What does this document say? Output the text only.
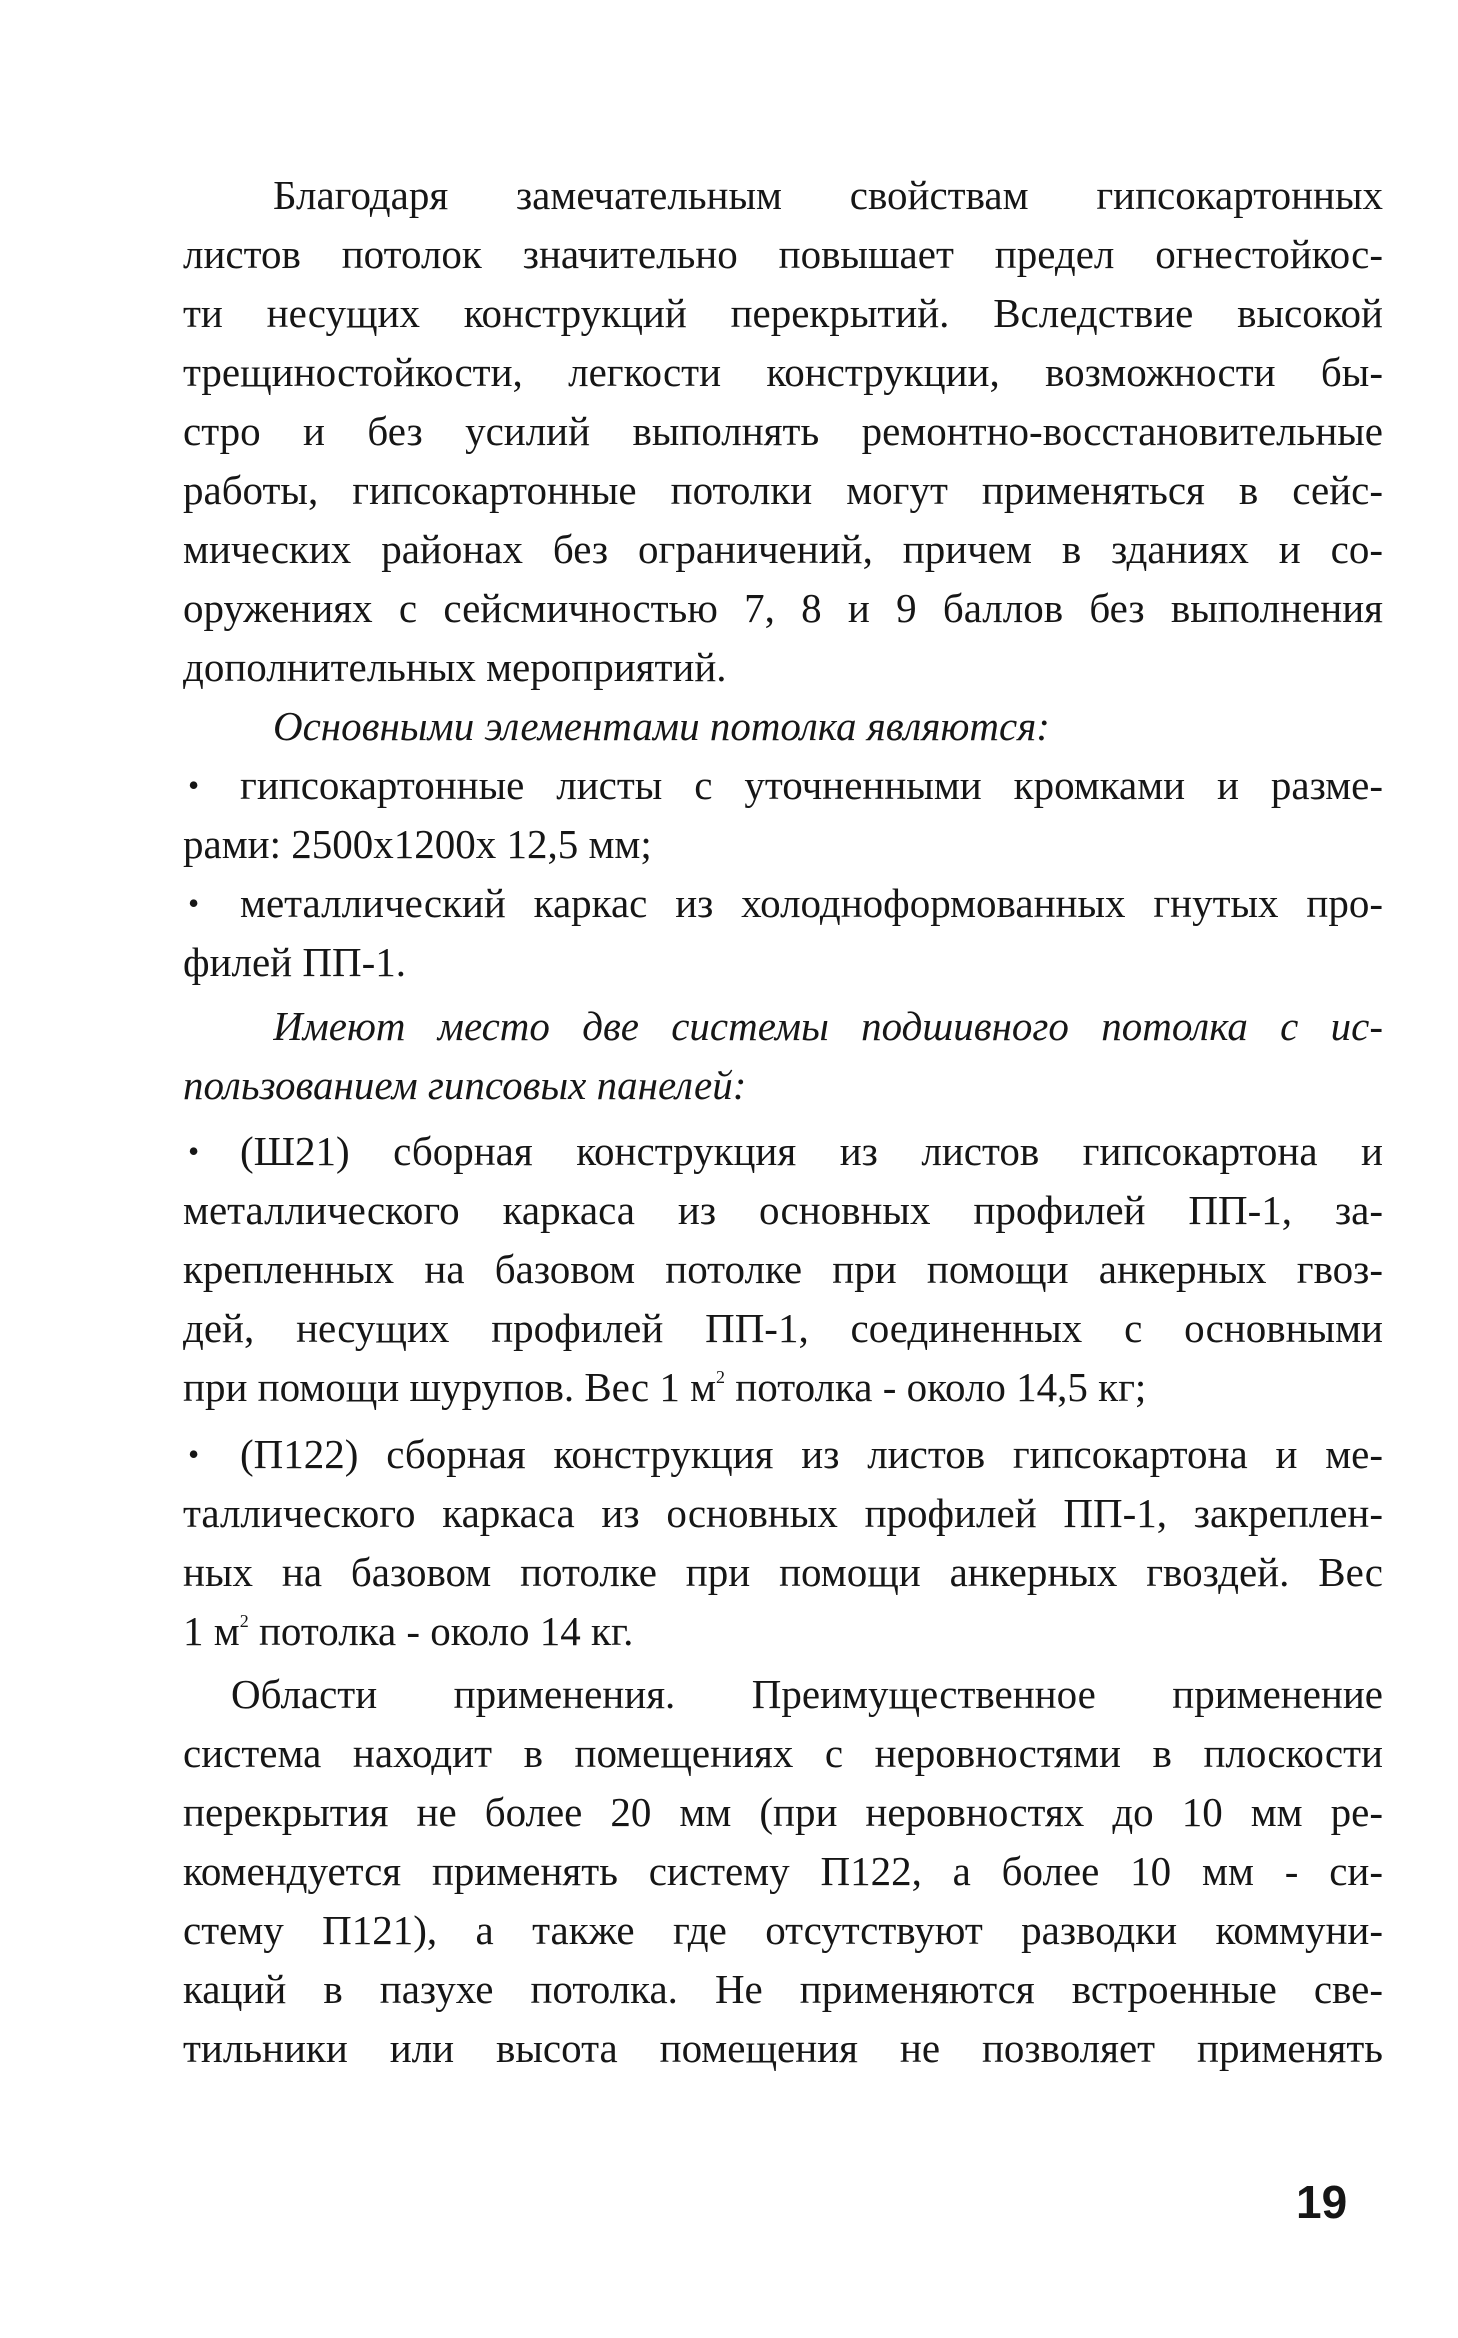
Благодаря замечательным свойствам гипсокартонных
листов потолок значительно повышает предел огнестойкос-
ти несущих конструкций перекрытий. Вследствие высокой
трещиностойкости, легкости конструкции, возможности бы-
стро и без усилий выполнять ремонтно-восстановительные
работы, гипсокартонные потолки могут применяться в сейс-
мических районах без ограничений, причем в зданиях и со-
оружениях с сейсмичностью 7, 8 и 9 баллов без выполнения
дополнительных мероприятий.
Основными элементами потолка являются:
• гипсокартонные листы с уточненными кромками и разме-
рами: 2500x1200x 12,5 мм;
• металлический каркас из холодноформованных гнутых про-
филей ПП-1.
Имеют место две системы подшивного потолка с ис-
пользованием гипсовых панелей:
• (Ш21) сборная конструкция из листов гипсокартона и
металлического каркаса из основных профилей ПП-1, за-
крепленных на базовом потолке при помощи анкерных гвоз-
дей, несущих профилей ПП-1, соединенных с основными
при помощи шурупов. Вес 1 $м^2$ потолка - около 14,5 кг;
• (П122) сборная конструкция из листов гипсокартона и ме-
таллического каркаса из основных профилей ПП-1, закреплен-
ных на базовом потолке при помощи анкерных гвоздей. Вес
1 $м^2$ потолка - около 14 кг.
Области применения. Преимущественное применение
система находит в помещениях с неровностями в плоскости
перекрытия не более 20 мм (при неровностях до 10 мм ре-
комендуется применять систему П122, а более 10 мм - си-
стему П121), а также где отсутствуют разводки коммуни-
каций в пазухе потолка. Не применяются встроенные све-
тильники или высота помещения не позволяет применять
19
